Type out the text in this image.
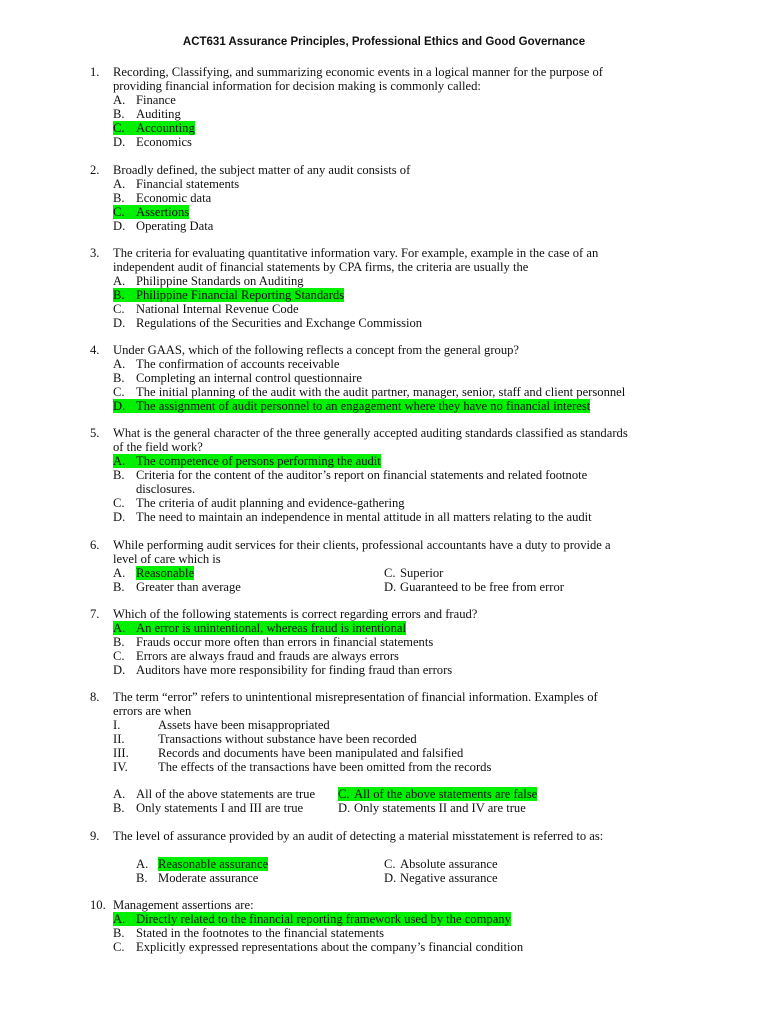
ACT631 Assurance Principles, Professional Ethics and Good Governance
1. Recording, Classifying, and summarizing economic events in a logical manner for the purpose of
providing financial information for decision making is commonly called:
A. Finance
B. Auditing
C. Accounting
D. Economics
2. Broadly defined, the subject matter of any audit consists of
A. Financial statements
B. Economic data
C. Assertions
D. Operating Data
3. The criteria for evaluating quantitative information vary. For example, example in the case of an
independent audit of financial statements by CPA firms, the criteria are usually the
A. Philippine Standards on Auditing
B. Philippine Financial Reporting Standards
C. National Internal Revenue Code
D. Regulations of the Securities and Exchange Commission
4. Under GAAS, which of the following reflects a concept from the general group?
A. The confirmation of accounts receivable
B. Completing an internal control questionnaire
C. The initial planning of the audit with the audit partner, manager, senior, staff and client personnel
D. The assignment of audit personnel to an engagement where they have no financial interest
5. What is the general character of the three generally accepted auditing standards classified as standards
of the field work?
A. The competence of persons performing the audit
B. Criteria for the content of the auditor’s report on financial statements and related footnote
disclosures.
C. The criteria of audit planning and evidence-gathering
D. The need to maintain an independence in mental attitude in all matters relating to the audit
6. While performing audit services for their clients, professional accountants have a duty to provide a
level of care which is
A. Reasonable	C. Superior
B. Greater than average	D. Guaranteed to be free from error
7. Which of the following statements is correct regarding errors and fraud?
A. An error is unintentional, whereas fraud is intentional
B. Frauds occur more often than errors in financial statements
C. Errors are always fraud and frauds are always errors
D. Auditors have more responsibility for finding fraud than errors
8. The term “error” refers to unintentional misrepresentation of financial information. Examples of
errors are when
I.	Assets have been misappropriated
II.	Transactions without substance have been recorded
III. Records and documents have been manipulated and falsified
IV. The effects of the transactions have been omitted from the records
A. All of the above statements are true C. All of the above statements are false
B. Only statements I and III are true	D. Only statements II and IV are true
9. The level of assurance provided by an audit of detecting a material misstatement is referred to as:
A. Reasonable assurance	C. Absolute assurance
B. Moderate assurance	D. Negative assurance
10. Management assertions are:
A. Directly related to the financial reporting framework used by the company
B. Stated in the footnotes to the financial statements
C. Explicitly expressed representations about the company’s financial condition
